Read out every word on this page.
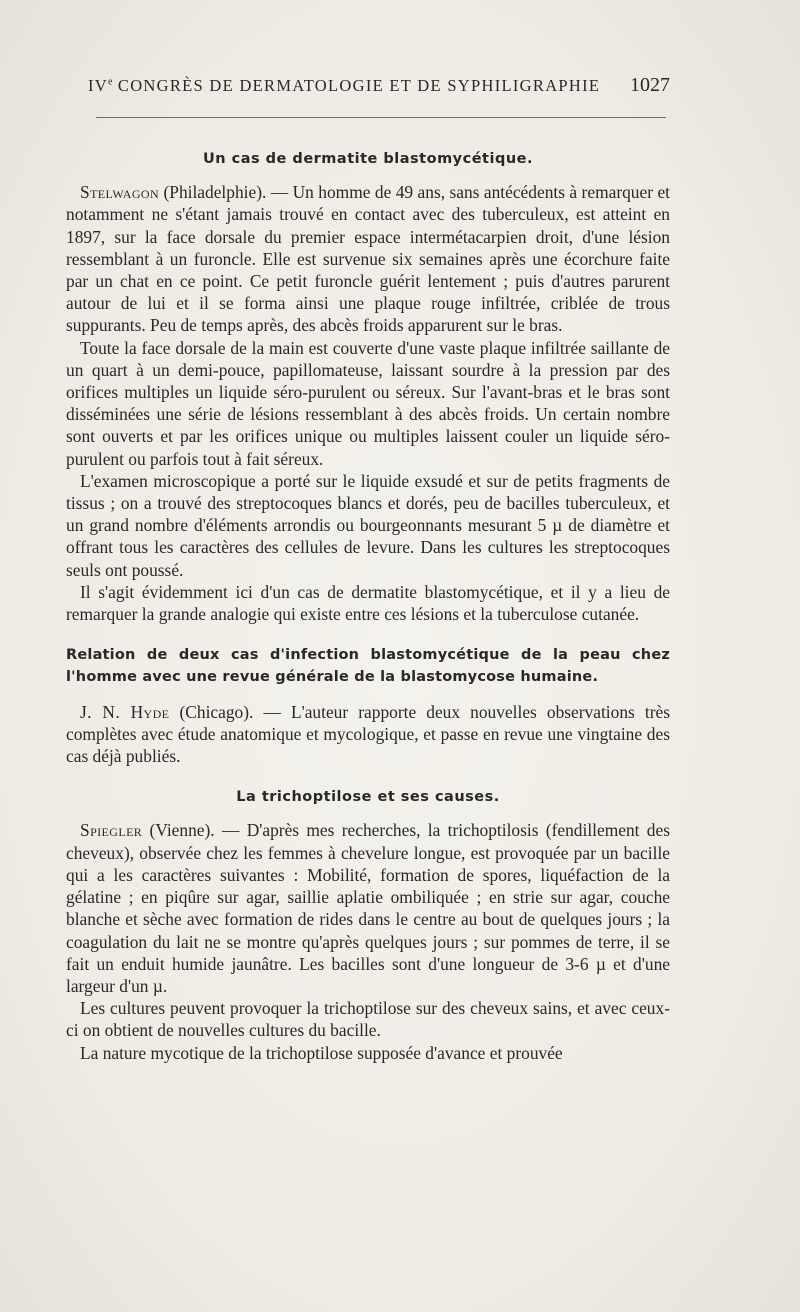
IVe CONGRÈS DE DERMATOLOGIE ET DE SYPHILIGRAPHIE 1027
Un cas de dermatite blastomycétique.

Stelwagon (Philadelphie). — Un homme de 49 ans, sans antécédents à remarquer et notamment ne s'étant jamais trouvé en contact avec des tuberculeux, est atteint en 1897, sur la face dorsale du premier espace intermétacarpien droit, d'une lésion ressemblant à un furoncle. Elle est survenue six semaines après une écorchure faite par un chat en ce point. Ce petit furoncle guérit lentement ; puis d'autres parurent autour de lui et il se forma ainsi une plaque rouge infiltrée, criblée de trous suppurants. Peu de temps après, des abcès froids apparurent sur le bras.

Toute la face dorsale de la main est couverte d'une vaste plaque infiltrée saillante de un quart à un demi-pouce, papillomateuse, laissant sourdre à la pression par des orifices multiples un liquide séro-purulent ou séreux. Sur l'avant-bras et le bras sont disséminées une série de lésions ressemblant à des abcès froids. Un certain nombre sont ouverts et par les orifices unique ou multiples laissent couler un liquide séro-purulent ou parfois tout à fait séreux.

L'examen microscopique a porté sur le liquide exsudé et sur de petits fragments de tissus ; on a trouvé des streptocoques blancs et dorés, peu de bacilles tuberculeux, et un grand nombre d'éléments arrondis ou bourgeonnants mesurant 5 µ de diamètre et offrant tous les caractères des cellules de levure. Dans les cultures les streptocoques seuls ont poussé.

Il s'agit évidemment ici d'un cas de dermatite blastomycétique, et il y a lieu de remarquer la grande analogie qui existe entre ces lésions et la tuberculose cutanée.

Relation de deux cas d'infection blastomycétique de la peau chez l'homme avec une revue générale de la blastomycose humaine.

J. N. Hyde (Chicago). — L'auteur rapporte deux nouvelles observations très complètes avec étude anatomique et mycologique, et passe en revue une vingtaine des cas déjà publiés.

La trichoptilose et ses causes.

Spiegler (Vienne). — D'après mes recherches, la trichoptilosis (fendillement des cheveux), observée chez les femmes à chevelure longue, est provoquée par un bacille qui a les caractères suivantes : Mobilité, formation de spores, liquéfaction de la gélatine ; en piqûre sur agar, saillie aplatie ombiliquée ; en strie sur agar, couche blanche et sèche avec formation de rides dans le centre au bout de quelques jours ; la coagulation du lait ne se montre qu'après quelques jours ; sur pommes de terre, il se fait un enduit humide jaunâtre. Les bacilles sont d'une longueur de 3-6 µ et d'une largeur d'un µ.

Les cultures peuvent provoquer la trichoptilose sur des cheveux sains, et avec ceux-ci on obtient de nouvelles cultures du bacille.

La nature mycotique de la trichoptilose supposée d'avance et prouvée
